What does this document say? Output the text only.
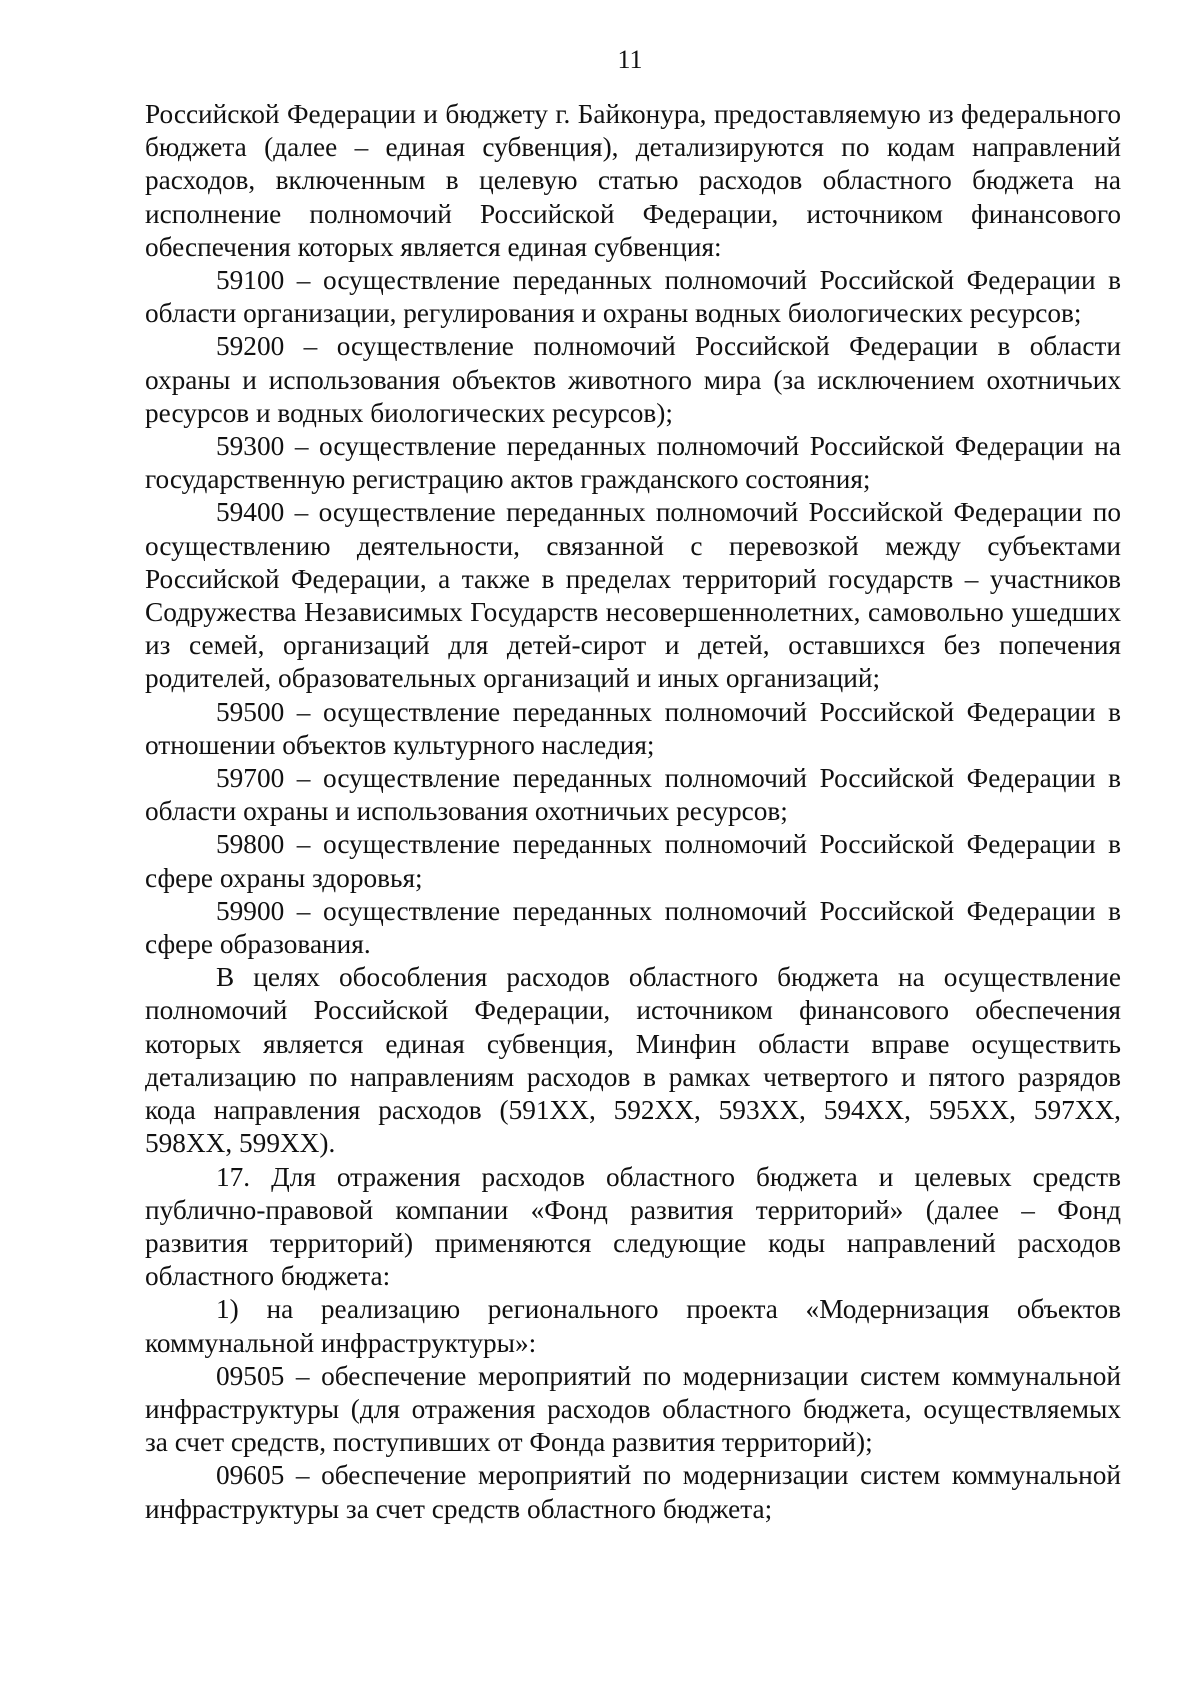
11

Российской Федерации и бюджету г. Байконура, предоставляемую из федерального бюджета (далее – единая субвенция), детализируются по кодам направлений расходов, включенным в целевую статью расходов областного бюджета на исполнение полномочий Российской Федерации, источником финансового обеспечения которых является единая субвенция:

59100 – осуществление переданных полномочий Российской Федерации в области организации, регулирования и охраны водных биологических ресурсов;

59200 – осуществление полномочий Российской Федерации в области охраны и использования объектов животного мира (за исключением охотничьих ресурсов и водных биологических ресурсов);

59300 – осуществление переданных полномочий Российской Федерации на государственную регистрацию актов гражданского состояния;

59400 – осуществление переданных полномочий Российской Федерации по осуществлению деятельности, связанной с перевозкой между субъектами Российской Федерации, а также в пределах территорий государств – участников Содружества Независимых Государств несовершеннолетних, самовольно ушедших из семей, организаций для детей-сирот и детей, оставшихся без попечения родителей, образовательных организаций и иных организаций;

59500 – осуществление переданных полномочий Российской Федерации в отношении объектов культурного наследия;

59700 – осуществление переданных полномочий Российской Федерации в области охраны и использования охотничьих ресурсов;

59800 – осуществление переданных полномочий Российской Федерации в сфере охраны здоровья;

59900 – осуществление переданных полномочий Российской Федерации в сфере образования.

В целях обособления расходов областного бюджета на осуществление полномочий Российской Федерации, источником финансового обеспечения которых является единая субвенция, Минфин области вправе осуществить детализацию по направлениям расходов в рамках четвертого и пятого разрядов кода направления расходов (591XX, 592XX, 593XX, 594XX, 595XX, 597XX, 598XX, 599XX).

17. Для отражения расходов областного бюджета и целевых средств публично-правовой компании «Фонд развития территорий» (далее – Фонд развития территорий) применяются следующие коды направлений расходов областного бюджета:

1) на реализацию регионального проекта «Модернизация объектов коммунальной инфраструктуры»:

09505 – обеспечение мероприятий по модернизации систем коммунальной инфраструктуры (для отражения расходов областного бюджета, осуществляемых за счет средств, поступивших от Фонда развития территорий);

09605 – обеспечение мероприятий по модернизации систем коммунальной инфраструктуры за счет средств областного бюджета;
